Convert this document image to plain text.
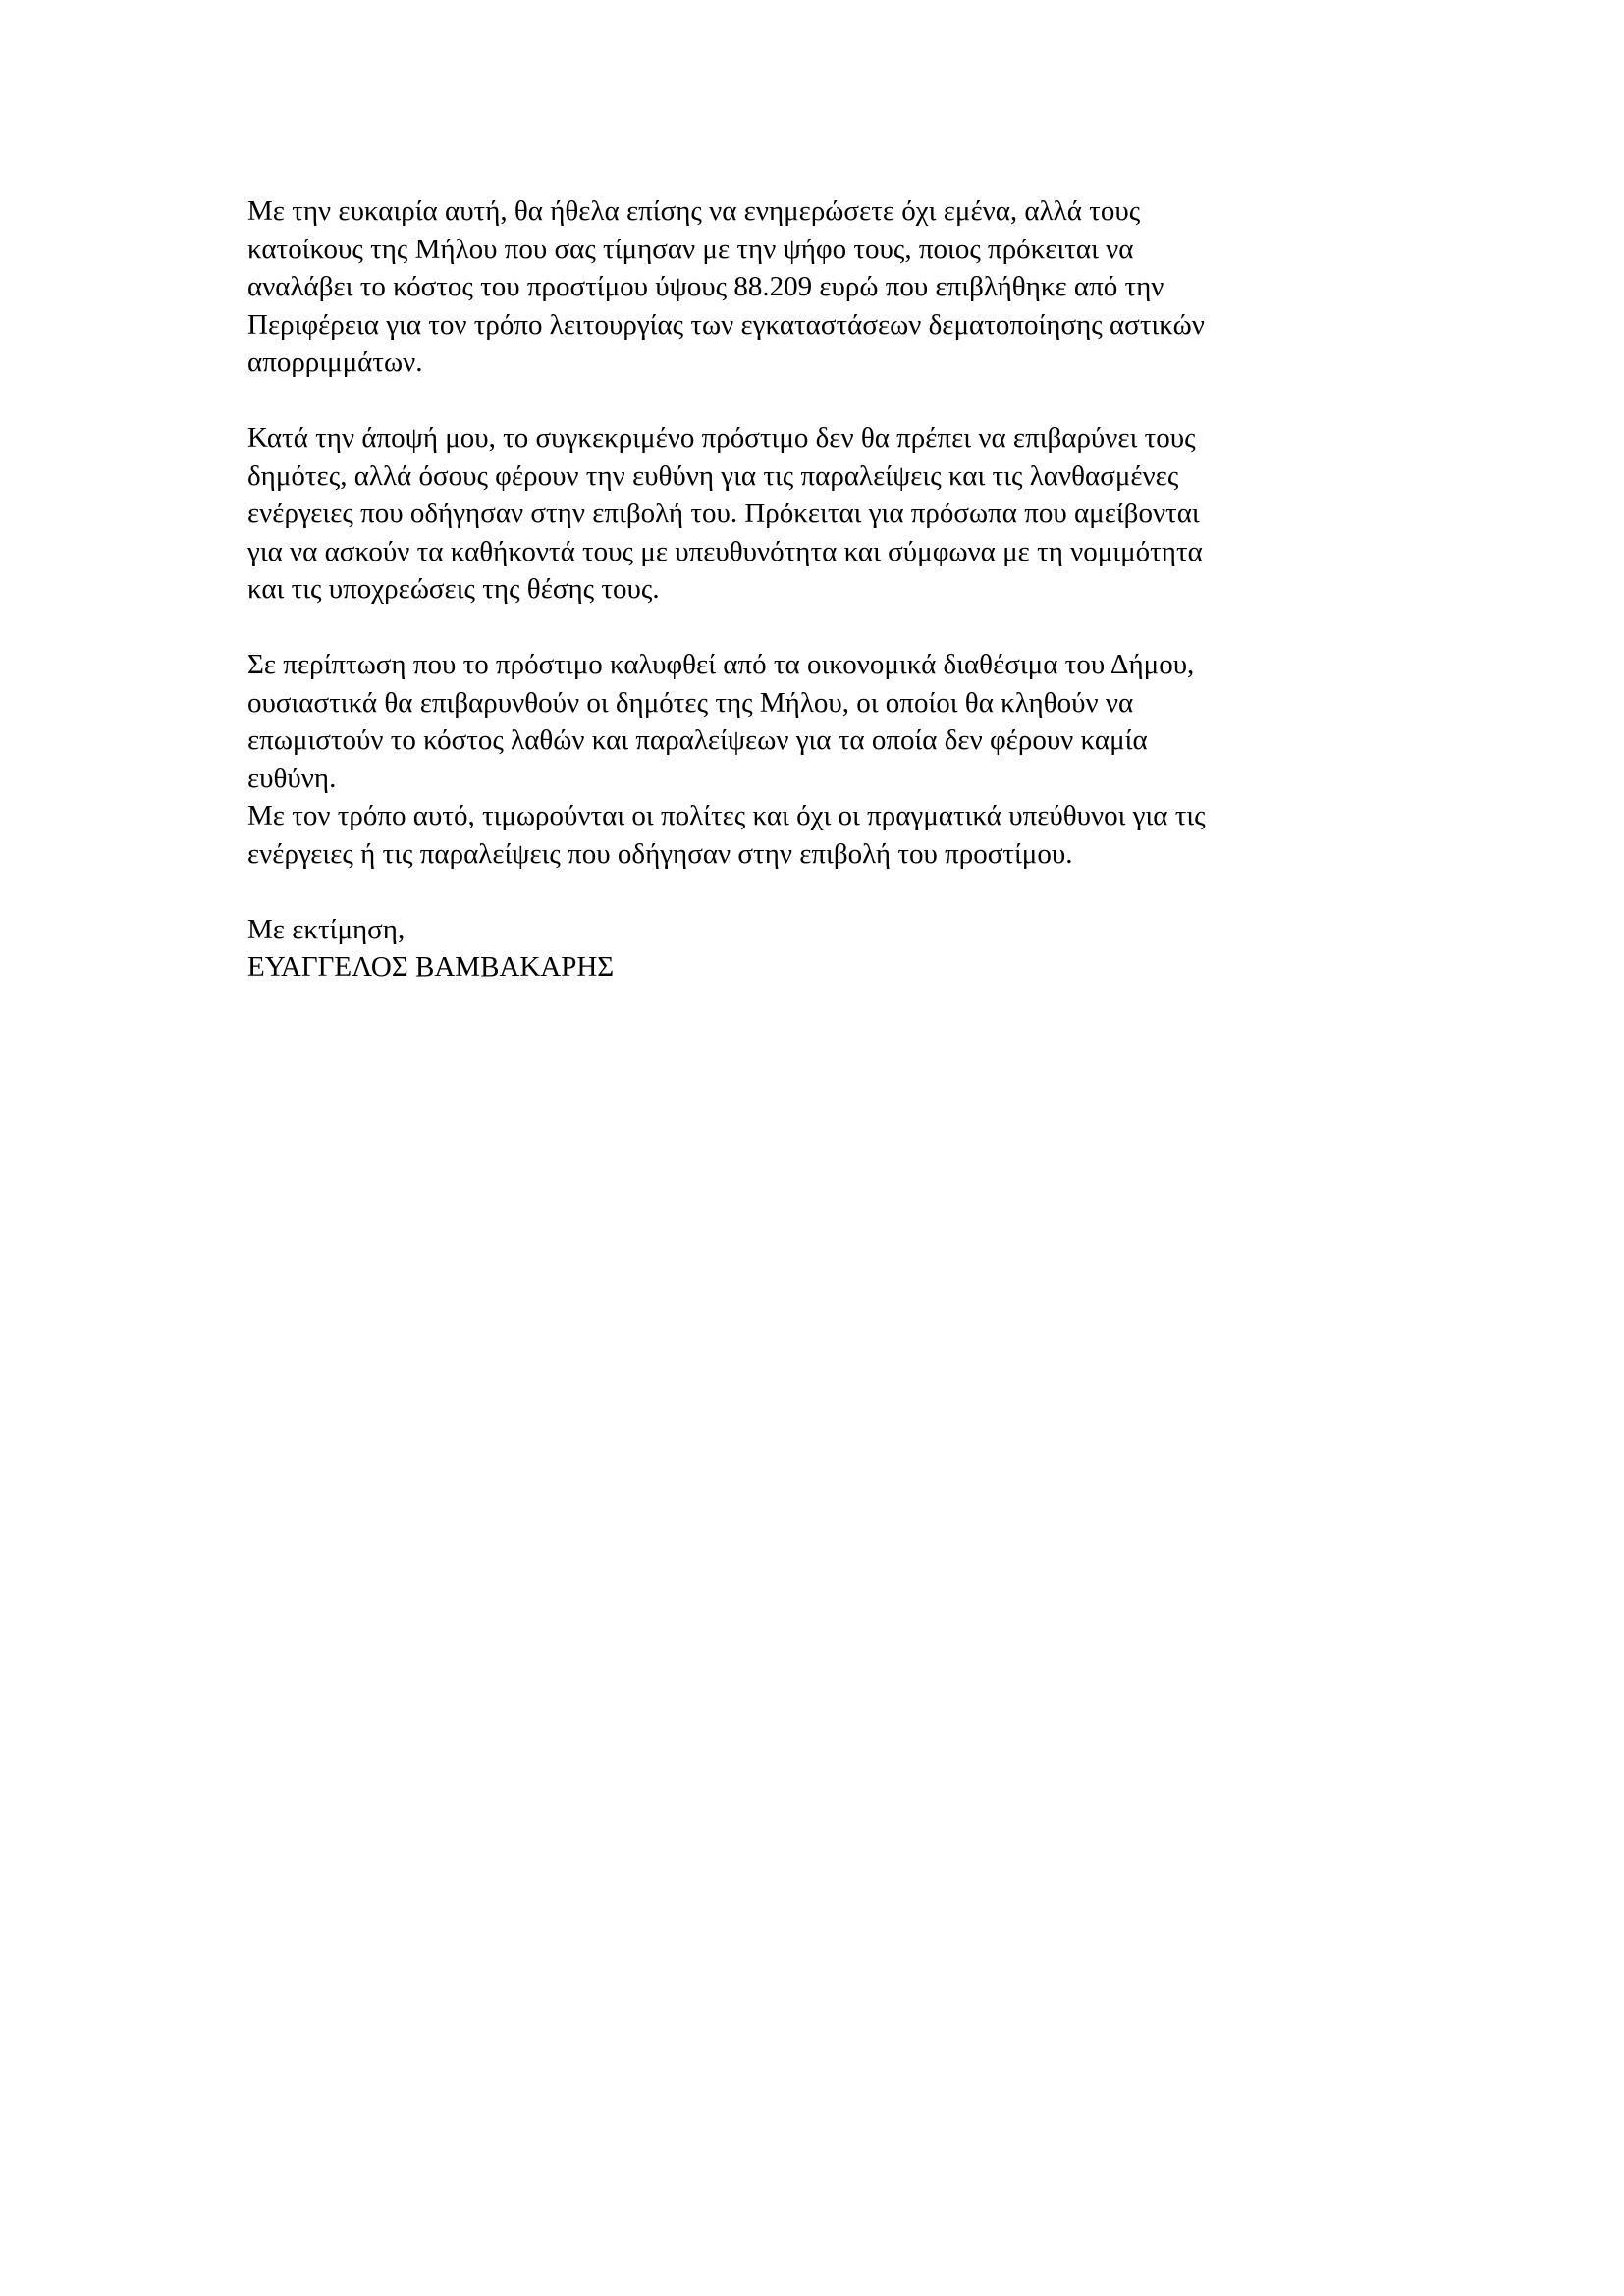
Με την ευκαιρία αυτή, θα ήθελα επίσης να ενημερώσετε όχι εμένα, αλλά τους
κατοίκους της Μήλου που σας τίμησαν με την ψήφο τους, ποιος πρόκειται να
αναλάβει το κόστος του προστίμου ύψους 88.209 ευρώ που επιβλήθηκε από την
Περιφέρεια για τον τρόπο λειτουργίας των εγκαταστάσεων δεματοποίησης αστικών
απορριμμάτων.
Κατά την άποψή μου, το συγκεκριμένο πρόστιμο δεν θα πρέπει να επιβαρύνει τους
δημότες, αλλά όσους φέρουν την ευθύνη για τις παραλείψεις και τις λανθασμένες
ενέργειες που οδήγησαν στην επιβολή του. Πρόκειται για πρόσωπα που αμείβονται
για να ασκούν τα καθήκοντά τους με υπευθυνότητα και σύμφωνα με τη νομιμότητα
και τις υποχρεώσεις της θέσης τους.
Σε περίπτωση που το πρόστιμο καλυφθεί από τα οικονομικά διαθέσιμα του Δήμου,
ουσιαστικά θα επιβαρυνθούν οι δημότες της Μήλου, οι οποίοι θα κληθούν να
επωμιστούν το κόστος λαθών και παραλείψεων για τα οποία δεν φέρουν καμία
ευθύνη.
Με τον τρόπο αυτό, τιμωρούνται οι πολίτες και όχι οι πραγματικά υπεύθυνοι για τις
ενέργειες ή τις παραλείψεις που οδήγησαν στην επιβολή του προστίμου.
Με εκτίμηση,
ΕΥΑΓΓΕΛΟΣ ΒΑΜΒΑΚΑΡΗΣ
